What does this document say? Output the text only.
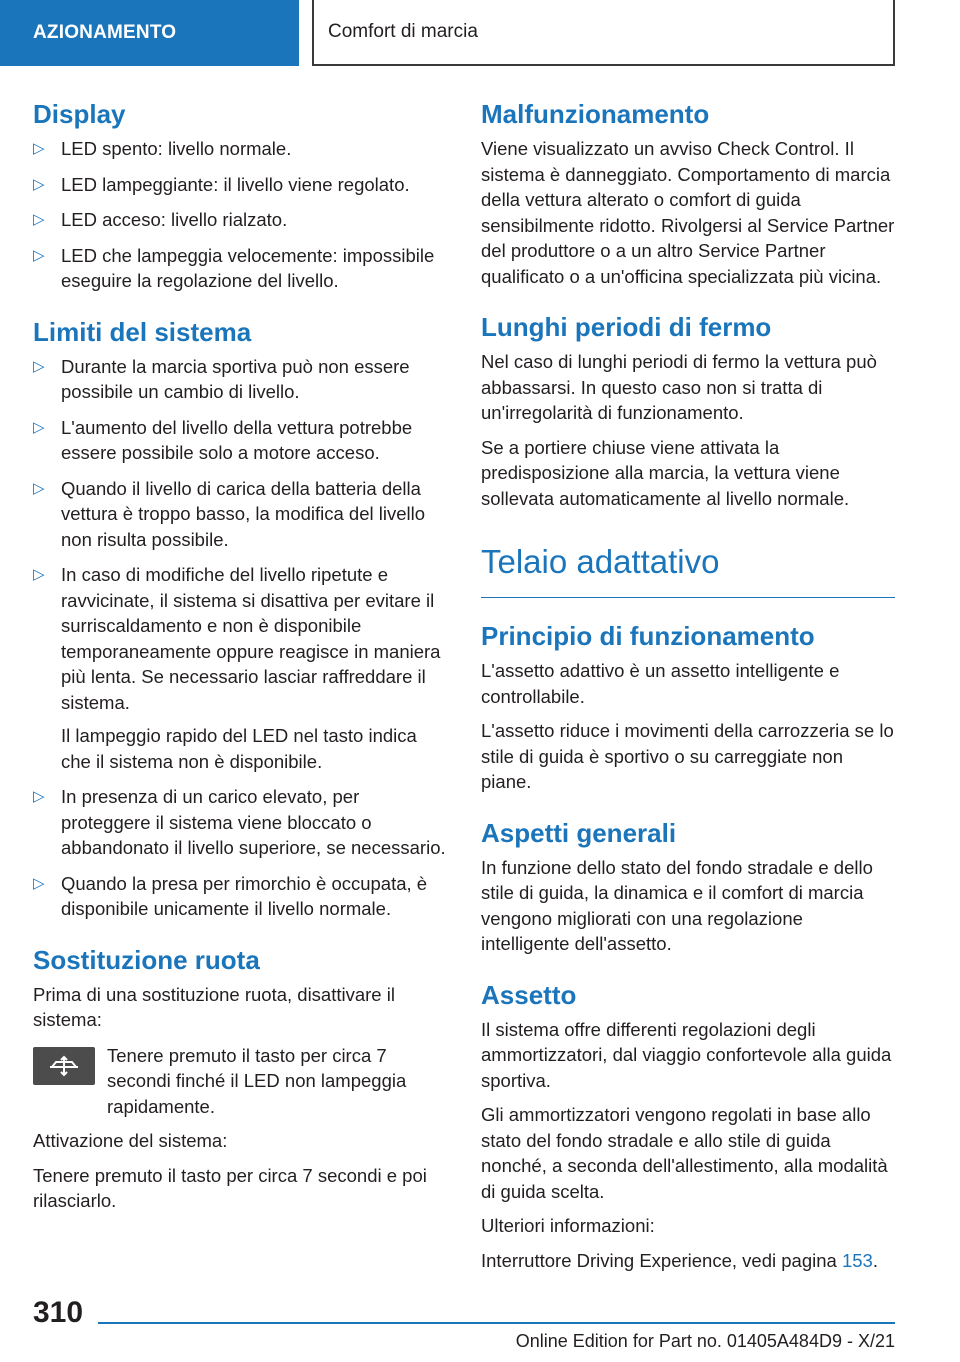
AZIONAMENTO	Comfort di marcia
Display
▷ LED spento: livello normale.
▷ LED lampeggiante: il livello viene regolato.
▷ LED acceso: livello rialzato.
▷ LED che lampeggia velocemente: impossibile eseguire la regolazione del livello.
Limiti del sistema
▷ Durante la marcia sportiva può non essere possibile un cambio di livello.
▷ L'aumento del livello della vettura potrebbe essere possibile solo a motore acceso.
▷ Quando il livello di carica della batteria della vettura è troppo basso, la modifica del livello non risulta possibile.
▷ In caso di modifiche del livello ripetute e ravvicinate, il sistema si disattiva per evitare il surriscaldamento e non è disponibile temporaneamente oppure reagisce in maniera più lenta. Se necessario lasciar raffreddare il sistema.

Il lampeggio rapido del LED nel tasto indica che il sistema non è disponibile.

▷ In presenza di un carico elevato, per proteggere il sistema viene bloccato o abbandonato il livello superiore, se necessario.
▷ Quando la presa per rimorchio è occupata, è disponibile unicamente il livello normale.
Sostituzione ruota

Prima di una sostituzione ruota, disattivare il sistema:

Tenere premuto il tasto per circa 7 secondi finché il LED non lampeggia rapidamente.

Attivazione del sistema:

Tenere premuto il tasto per circa 7 secondi e poi rilasciarlo.

Malfunzionamento

Viene visualizzato un avviso Check Control. Il sistema è danneggiato. Comportamento di marcia della vettura alterato o comfort di guida sensibilmente ridotto. Rivolgersi al Service Partner del produttore o a un altro Service Partner qualificato o a un'officina specializzata più vicina.

Lunghi periodi di fermo

Nel caso di lunghi periodi di fermo la vettura può abbassarsi. In questo caso non si tratta di un'irregolarità di funzionamento.

Se a portiere chiuse viene attivata la predisposizione alla marcia, la vettura viene sollevata automaticamente al livello normale.

Telaio adattativo
Principio di funzionamento

L'assetto adattivo è un assetto intelligente e controllabile.

L'assetto riduce i movimenti della carrozzeria se lo stile di guida è sportivo o su carreggiate non piane.

Aspetti generali

In funzione dello stato del fondo stradale e dello stile di guida, la dinamica e il comfort di marcia vengono migliorati con una regolazione intelligente dell'assetto.

Assetto

Il sistema offre differenti regolazioni degli ammortizzatori, dal viaggio confortevole alla guida sportiva.

Gli ammortizzatori vengono regolati in base allo stato del fondo stradale e allo stile di guida nonché, a seconda dell'allestimento, alla modalità di guida scelta.

Ulteriori informazioni:

Interruttore Driving Experience, vedi pagina 153.

310
Online Edition for Part no. 01405A484D9 - X/21
